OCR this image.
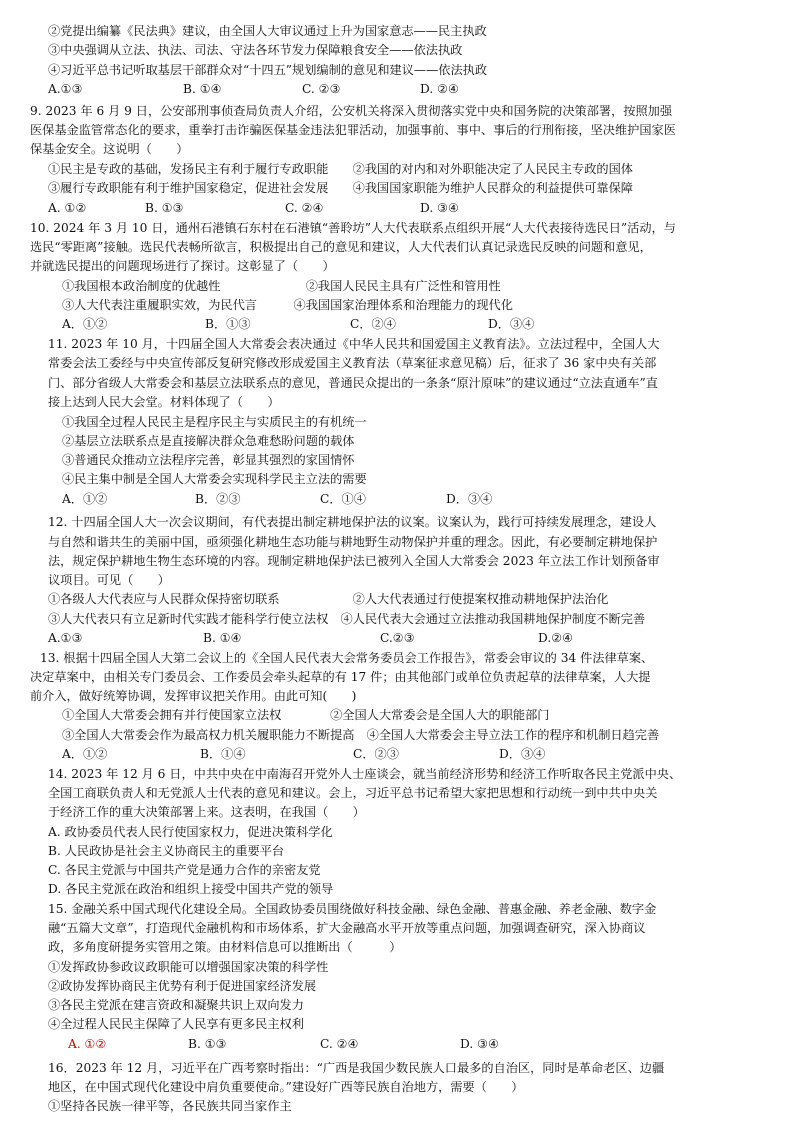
②党提出编纂《民法典》建议，由全国人大审议通过上升为国家意志——民主执政
③中央强调从立法、执法、司法、守法各环节发力保障粮食安全——依法执政
④习近平总书记听取基层干部群众对“十四五”规划编制的意见和建议——依法执政
9. 2023 年 6 月 9 日，公安部刑事侦查局负责人介绍，公安机关将深入贯彻落实党中央和国务院的决策部署，按照加强
医保基金监管常态化的要求，重拳打击诈骗医保基金违法犯罪活动，加强事前、事中、事后的行刑衔接，坚决维护国家医
保基金安全。这说明（　　）
①民主是专政的基础，发扬民主有利于履行专政职能　　②我国的对内和对外职能决定了人民民主专政的国体
③履行专政职能有利于维护国家稳定，促进社会发展　　④我国国家职能为维护人民群众的利益提供可靠保障
10. 2024 年 3 月 10 日，通州石港镇石东村在石港镇“善聆坊”人大代表联系点组织开展“人大代表接待选民日”活动，与
选民“零距离”接触。选民代表畅所欲言，积极提出自己的意见和建议，人大代表们认真记录选民反映的问题和意见，
并就选民提出的问题现场进行了探讨。这彰显了（　　）
①我国根本政治制度的优越性　　　　　　　②我国人民民主具有广泛性和管用性
③人大代表注重履职实效，为民代言　　　④我国国家治理体系和治理能力的现代化
11. 2023 年 10 月，十四届全国人大常委会表决通过《中华人民共和国爱国主义教育法》。立法过程中，全国人大
常委会法工委经与中央宣传部反复研究修改形成爱国主义教育法（草案征求意见稿）后，征求了 36 家中央有关部
门、部分省级人大常委会和基层立法联系点的意见，普通民众提出的一条条“原汁原味”的建议通过“立法直通车”直
接上达到人民大会堂。材料体现了（　　）
①我国全过程人民民主是程序民主与实质民主的有机统一
②基层立法联系点是直接解决群众急难愁盼问题的载体
③普通民众推动立法程序完善，彰显其强烈的家国情怀
④民主集中制是全国人大常委会实现科学民主立法的需要
12. 十四届全国人大一次会议期间，有代表提出制定耕地保护法的议案。议案认为，践行可持续发展理念，建设人
与自然和谐共生的美丽中国，亟须强化耕地生态功能与耕地野生动物保护并重的理念。因此，有必要制定耕地保护
法，规定保护耕地生物生态环境的内容。现制定耕地保护法已被列入全国人大常委会 2023 年立法工作计划预备审
议项目。可见（　　）
①各级人大代表应与人民群众保持密切联系　　　　　　②人大代表通过行使提案权推动耕地保护法治化
③人大代表只有立足新时代实践才能科学行使立法权　④人民代表大会通过立法推动我国耕地保护制度不断完善
13. 根据十四届全国人大第二会议上的《全国人民代表大会常务委员会工作报告》，常委会审议的 34 件法律草案、
决定草案中，由相关专门委员会、工作委员会牵头起草的有 17 件；由其他部门或单位负责起草的法律草案，人大提
前介入，做好统筹协调，发挥审议把关作用。由此可知(　　)
①全国人大常委会拥有并行使国家立法权　　　　②全国人大常委会是全国人大的职能部门
③全国人大常委会作为最高权力机关履职能力不断提高　④全国人大常委会主导立法工作的程序和机制日趋完善
14. 2023 年 12 月 6 日，中共中央在中南海召开党外人士座谈会，就当前经济形势和经济工作听取各民主党派中央、
全国工商联负责人和无党派人士代表的意见和建议。会上，习近平总书记希望大家把思想和行动统一到中共中央关
于经济工作的重大决策部署上来。这表明，在我国（　　）
A. 政协委员代表人民行使国家权力，促进决策科学化
B. 人民政协是社会主义协商民主的重要平台
C. 各民主党派与中国共产党是通力合作的亲密友党
D. 各民主党派在政治和组织上接受中国共产党的领导
15. 金融关系中国式现代化建设全局。全国政协委员围绕做好科技金融、绿色金融、普惠金融、养老金融、数字金
融“五篇大文章”，打造现代金融机构和市场体系，扩大金融高水平开放等重点问题，加强调查研究，深入协商议
政，多角度研提务实管用之策。由材料信息可以推断出（　　　）
①发挥政协参政议政职能可以增强国家决策的科学性
②政协发挥协商民主优势有利于促进国家经济发展
③各民主党派在建言资政和凝聚共识上双向发力
④全过程人民民主保障了人民享有更多民主权利
16．2023 年 12 月，习近平在广西考察时指出：“广西是我国少数民族人口最多的自治区，同时是革命老区、边疆
地区，在中国式现代化建设中肩负重要使命。”建设好广西等民族自治地方，需要（　　）
①坚持各民族一律平等，各民族共同当家作主
A.①③	B. ①④	C. ②③	D. ②④
A. ①②	B. ①③	C. ②④	D. ③④
A．①②	B．①③	C．②④	D．③④
A．①②	B．②③	C．①④	D．③④
A.①③	B. ①④	C.②③	D.②④
A．①②	B．①④	C．②③	D．③④
A. ①②	B. ①③	C. ②④	D. ③④
